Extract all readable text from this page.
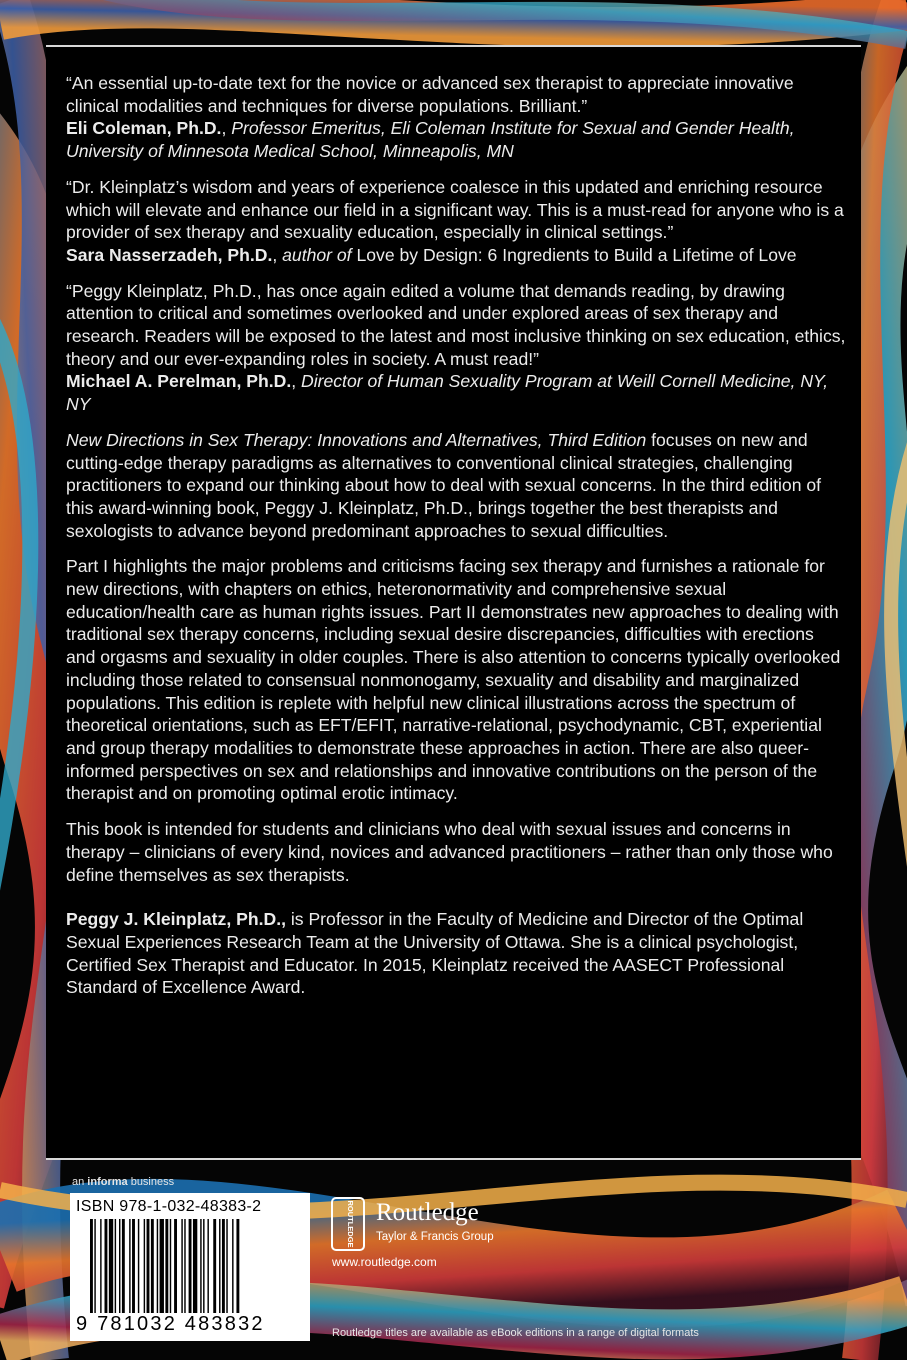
“An essential up-to-date text for the novice or advanced sex therapist to appreciate innovative clinical modalities and techniques for diverse populations. Brilliant.”
Eli Coleman, Ph.D., Professor Emeritus, Eli Coleman Institute for Sexual and Gender Health, University of Minnesota Medical School, Minneapolis, MN

“Dr. Kleinplatz’s wisdom and years of experience coalesce in this updated and enriching resource which will elevate and enhance our field in a significant way. This is a must-read for anyone who is a provider of sex therapy and sexuality education, especially in clinical settings.”
Sara Nasserzadeh, Ph.D., author of Love by Design: 6 Ingredients to Build a Lifetime of Love

“Peggy Kleinplatz, Ph.D., has once again edited a volume that demands reading, by drawing attention to critical and sometimes overlooked and under explored areas of sex therapy and research. Readers will be exposed to the latest and most inclusive thinking on sex education, ethics, theory and our ever-expanding roles in society. A must read!”
Michael A. Perelman, Ph.D., Director of Human Sexuality Program at Weill Cornell Medicine, NY, NY

New Directions in Sex Therapy: Innovations and Alternatives, Third Edition focuses on new and cutting-edge therapy paradigms as alternatives to conventional clinical strategies, challenging practitioners to expand our thinking about how to deal with sexual concerns. In the third edition of this award-winning book, Peggy J. Kleinplatz, Ph.D., brings together the best therapists and sexologists to advance beyond predominant approaches to sexual difficulties.

Part I highlights the major problems and criticisms facing sex therapy and furnishes a rationale for new directions, with chapters on ethics, heteronormativity and comprehensive sexual education/health care as human rights issues. Part II demonstrates new approaches to dealing with traditional sex therapy concerns, including sexual desire discrepancies, difficulties with erections and orgasms and sexuality in older couples. There is also attention to concerns typically overlooked including those related to consensual nonmonogamy, sexuality and disability and marginalized populations. This edition is replete with helpful new clinical illustrations across the spectrum of theoretical orientations, such as EFT/EFIT, narrative-relational, psychodynamic, CBT, experiential and group therapy modalities to demonstrate these approaches in action. There are also queer-informed perspectives on sex and relationships and innovative contributions on the person of the therapist and on promoting optimal erotic intimacy.

This book is intended for students and clinicians who deal with sexual issues and concerns in therapy – clinicians of every kind, novices and advanced practitioners – rather than only those who define themselves as sex therapists.

Peggy J. Kleinplatz, Ph.D., is Professor in the Faculty of Medicine and Director of the Optimal Sexual Experiences Research Team at the University of Ottawa. She is a clinical psychologist, Certified Sex Therapist and Educator. In 2015, Kleinplatz received the AASECT Professional Standard of Excellence Award.

an informa business
ISBN 978-1-032-48383-2
9 781032 483832
ROUTLEDGE Routledge
Taylor & Francis Group
www.routledge.com
Routledge titles are available as eBook editions in a range of digital formats
